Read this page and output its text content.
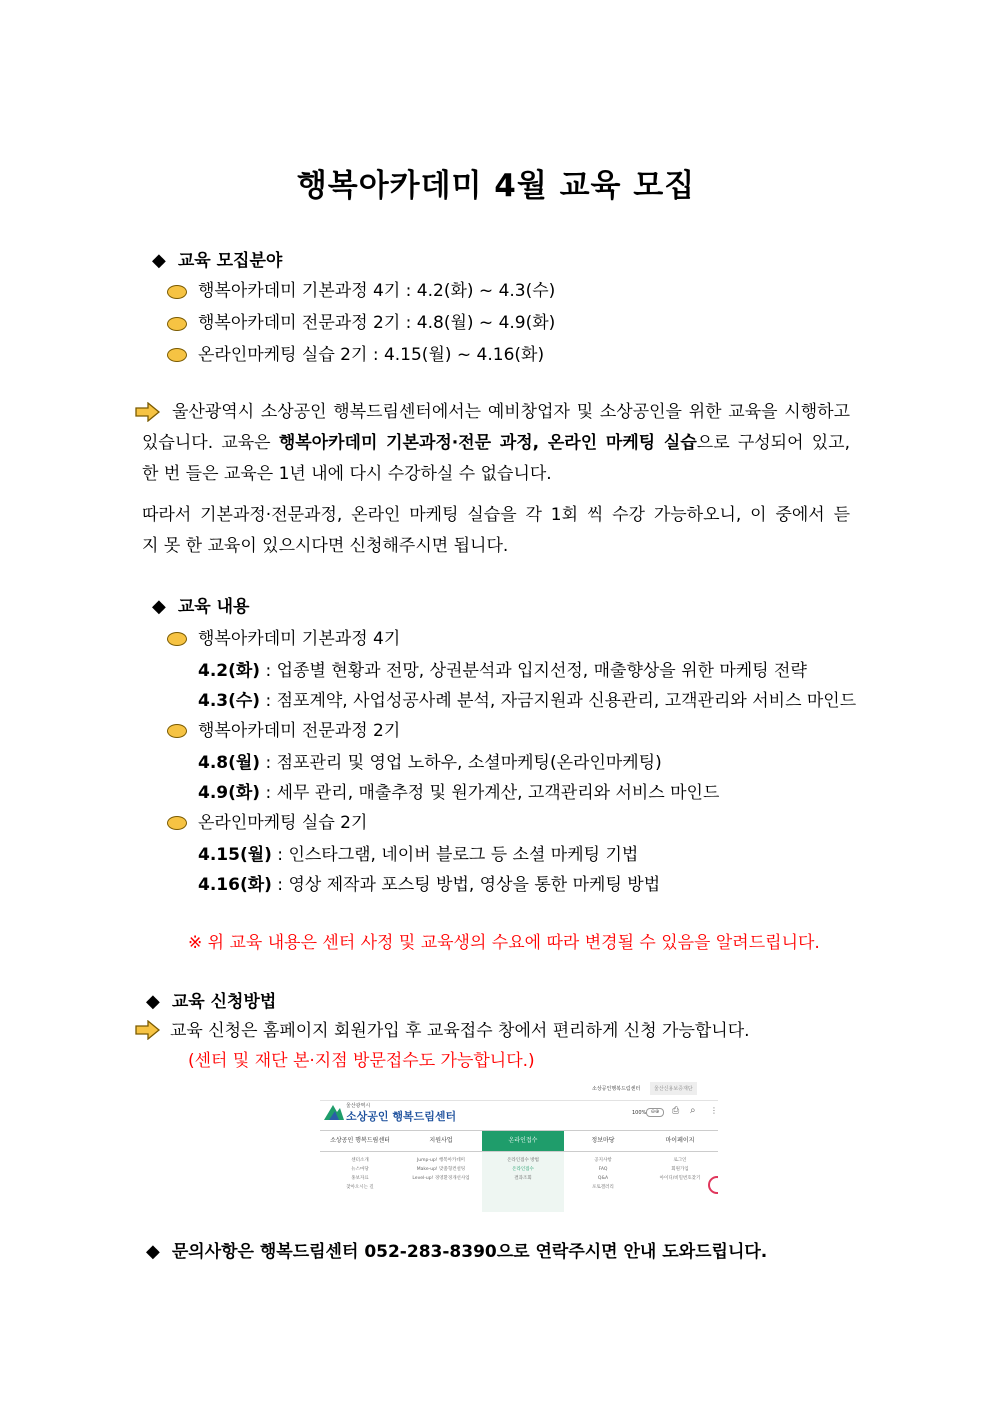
행복아카데미 4월 교육 모집
◆ 교육 모집분야
행복아카데미 기본과정 4기 : 4.2(화) ~ 4.3(수)
행복아카데미 전문과정 2기 : 4.8(월) ~ 4.9(화)
온라인마케팅 실습 2기 : 4.15(월) ~ 4.16(화)
울산광역시 소상공인 행복드림센터에서는 예비창업자 및 소상공인을 위한 교육을 시행하고
있습니다. 교육은 행복아카데미 기본과정·전문 과정, 온라인 마케팅 실습으로 구성되어 있고,
한 번 들은 교육은 1년 내에 다시 수강하실 수 없습니다.
따라서 기본과정·전문과정, 온라인 마케팅 실습을 각 1회 씩 수강 가능하오니, 이 중에서 듣
지 못 한 교육이 있으시다면 신청해주시면 됩니다.
◆ 교육 내용
행복아카데미 기본과정 4기
4.2(화) : 업종별 현황과 전망, 상권분석과 입지선정, 매출향상을 위한 마케팅 전략
4.3(수) : 점포계약, 사업성공사례 분석, 자금지원과 신용관리, 고객관리와 서비스 마인드
행복아카데미 전문과정 2기
4.8(월) : 점포관리 및 영업 노하우, 소셜마케팅(온라인마케팅)
4.9(화) : 세무 관리, 매출추정 및 원가계산, 고객관리와 서비스 마인드
온라인마케팅 실습 2기
4.15(월) : 인스타그램, 네이버 블로그 등 소셜 마케팅 기법
4.16(화) : 영상 제작과 포스팅 방법, 영상을 통한 마케팅 방법
※ 위 교육 내용은 센터 사정 및 교육생의 수요에 따라 변경될 수 있음을 알려드립니다.
◆ 교육 신청방법
교육 신청은 홈페이지 회원가입 후 교육접수 창에서 편리하게 신청 가능합니다.
(센터 및 재단 본·지점 방문접수도 가능합니다.)
소상공인행복드림센터	울산신용보증재단
울산광역시
소상공인 행복드림센터	100% ⊖⊕	⎙ ⌕ ⋮
소상공인 행복드림센터	지원사업	온라인접수	정보마당	마이페이지
센터소개
뉴스마당
홍보자료
찾아오시는 길
Jump-up! 행복아카데미
Make-up! 맞춤형컨설팅
Level-up! 경영환경개선사업
온라인접수 방법
온라인접수
결과조회
공지사항
FAQ
Q&A
포토갤러리
로그인
회원가입
아이디/비밀번호찾기
◆ 문의사항은 행복드림센터 052-283-8390으로 연락주시면 안내 도와드립니다.
